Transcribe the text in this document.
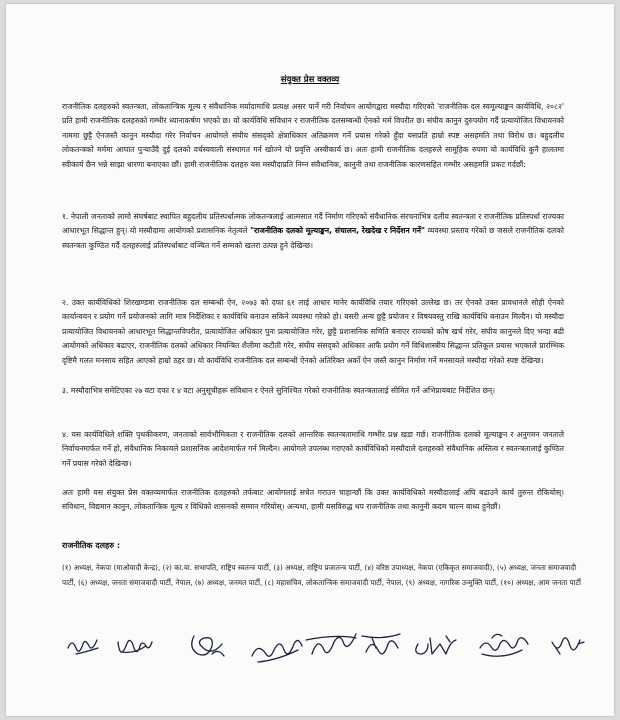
संयुक्त प्रेस वक्तव्य

राजनीतिक दलहरुको स्वतन्त्रता, लोकतान्त्रिक मूल्य र संवैधानिक मर्यादामाथि प्रत्यक्ष असर पार्ने गरी निर्वाचन आयोगद्वारा मस्यौदा गरिएको 'राजनीतिक दल स्वमूल्याङ्कन कार्यविधि, २०८२' प्रति हामी राजनीतिक दलहरुको गम्भीर ध्यानाकर्षण भएको छ। यो कार्यविधि संविधान र राजनीतिक दलसम्बन्धी ऐनको मर्म विपरीत छ। संघीय कानुन दुरुपयोग गर्दै प्रत्यायोजित विधायनको नाममा छुट्टै ऐनजस्तै कानुन मस्यौदा गरेर निर्वाचन आयोगले संघीय संसद्को क्षेत्राधिकार अतिक्रमण गर्ने प्रयास गरेको हुँदा यसप्रति हाम्रो स्पष्ट असहमति तथा विरोध छ। बहुदलीय लोकतन्त्रको मर्ममा आघात पुऱ्याउँदै दुई दलको वर्चस्ववाली संस्थागत गर्न खोज्ने यो प्रवृत्ति अस्वीकार्य छ। अतः हामी राजनीतिक दलहरुले सामूहिक रुपमा यो कार्यविधि कुनै हालतमा स्वीकार्य छैन भन्ने साझा धारणा बनाएका छौं। हामी राजनीतिक दलहरु यस मस्यौदाप्रति निम्न संवैधानिक, कानुनी तथा राजनीतिक कारणसहित गम्भीर असहमति प्रकट गर्दछौं:

१. नेपाली जनताको लामो संघर्षबाट स्थापित बहुदलीय प्रतिस्पर्धात्मक लोकतन्त्रलाई आत्मसात गर्दै निर्माण गरिएको संवैधानिक संरचनाभित्र दलीय स्वतन्त्रता र राजनीतिक प्रतिस्पर्धा राज्यका आधारभूत सिद्धान्त हुन्। यो मस्यौदामा आयोगको प्रशासनिक नेतृत्वले "राजनीतिक दलको मूल्याङ्कन, संचालन, रेखदेख र निर्देशन गर्ने" व्यवस्था प्रस्ताव गरेको छ जसले राजनीतिक दलको स्वतन्त्रता कुण्ठित गर्दै दलहरुलाई प्रतिस्पर्धाबाट वञ्चित गर्ने सम्मको खतरा उत्पन्न हुने देखिन्छ।

२. उक्त कार्यविधिको शिरखण्डमा राजनीतिक दल सम्बन्धी ऐन, २०७३ को दफा ६१ लाई आधार मानेर कार्यविधि तयार गरिएको उल्लेख छ। तर ऐनको उक्त प्रावधानले सोही ऐनको कार्यान्वयन र प्रयोग गर्ने प्रयोजनको लागि मात्र निर्देशिका र कार्यविधि बनाउन सकिने व्यवस्था गरेको हो। यसरी अन्य छुट्टै प्रयोजन र विषयवस्तु राखि कार्यविधि बनाउन मिल्दैन। यो मस्यौदा प्रत्यायोजित विधायनको आधारभूत सिद्धान्तविपरीत, प्रत्यायोजित अधिकार पुनः प्रत्यायोजित गरेर, छुट्टै प्रशासनिक समिति बनाएर राज्यको कोष खर्च गरेर, संघीय कानुनले दिए भन्दा बढी आयोगको अधिकार बढाएर, राजनीतिक दलको अधिकार नियन्त्रित शैलीमा कटौती गरेर, संघीय संसद्को अधिकार आफैं प्रयोग गर्ने विधिशास्त्रीय सिद्धान्त प्रतिकूल प्रयास भएकाले प्रारम्भिक दृष्टिमै गलत मनसाय सहित आएको हाम्रो ठहर छ। यो कार्यविधि राजनीतिक दल सम्बन्धी ऐनको अतिरिक्त अर्को ऐन जस्तै कानुन निर्माण गर्ने मनसायले मस्यौदा गरेको स्पष्ट देखिन्छ।

३. मस्यौदाभित्र समेटिएका २७ वटा दफा र ४ वटा अनुसूचीहरू संविधान र ऐनले सुनिश्चित गरेको राजनीतिक स्वतन्त्रतालाई सीमित गर्ने अभिप्रायबाट निर्देशित छन्।

४. यस कार्यविधिले शक्ति पृथकीकरण, जनताको सार्वभौमिकता र राजनीतिक दलको आन्तरिक स्वतन्त्रतामाथि गम्भीर प्रश्न खडा गर्छ। राजनीतिक दलको मूल्याङ्कन र अनुगमन जनताले निर्वाचनमार्फत गर्ने हो, संवैधानिक निकायले प्रशासनिक आदेशमार्फत गर्न मिल्दैन। आयोगले उपलब्ध गराएको कार्यविधिको मस्यौदाले दलहरुको संवैधानिक अस्तित्व र स्वतन्त्रतालाई कुण्ठित गर्ने प्रयास गरेको देखिन्छ।

अतः हामी यस संयुक्त प्रेस वक्तव्यमार्फत राजनीतिक दलहरुको तर्फबाट आयोगलाई सचेत गराउन चाहान्छौं कि उक्त कार्यविधिको मस्यौदालाई अघि बढाउने कार्य तुरुन्त रोकियोस्। संविधान, विद्यमान कानुन, लोकतान्त्रिक मूल्य र विधिको शासनको सम्मान गरियोस्। अन्यथा, हामी यसविरुद्ध थप राजनीतिक तथा कानुनी कदम चाल्न बाध्य हुनेछौं।

राजनीतिक दलहरु :

(१) अध्यक्ष, नेकपा (माओवादी केन्द्र), (२) का.वा. सभापति, राष्ट्रिय स्वतन्त्र पार्टी, (३) अध्यक्ष, राष्ट्रिय प्रजातन्त्र पार्टी, (४) वरिष्ठ उपाध्यक्ष, नेकपा (एकिकृत समाजवादी), (५) अध्यक्ष, जनता समाजवादी पार्टी, (६) अध्यक्ष, जनता समाजवादी पार्टी, नेपाल, (७) अध्यक्ष, जनमत पार्टी, (८) महासचिव, लोकतान्त्रिक समाजवादी पार्टी, नेपाल, (९) अध्यक्ष, नागरिक उन्मुक्ति पार्टी, (१०) अध्यक्ष, आम जनता पार्टी
